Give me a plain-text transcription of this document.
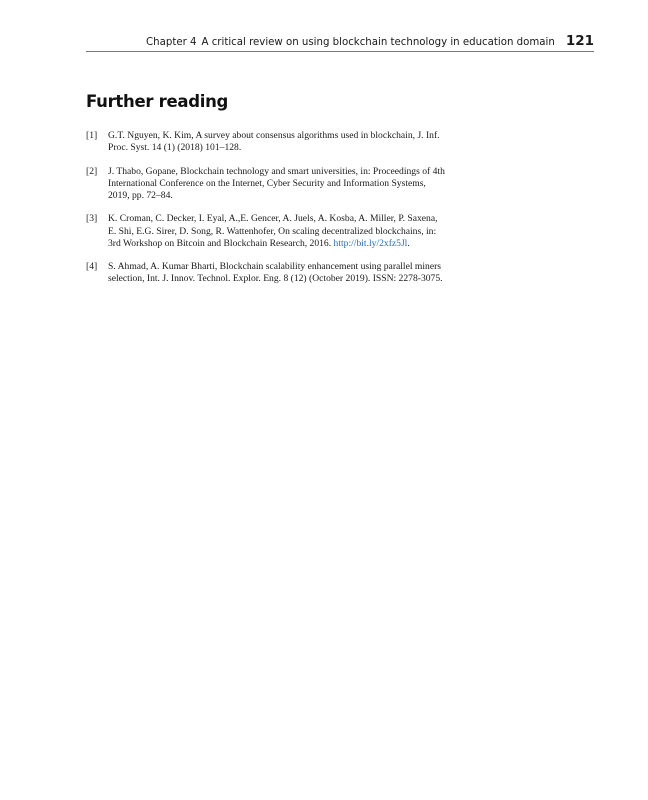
Chapter 4 A critical review on using blockchain technology in education domain 121
Further reading
[1]	G.T. Nguyen, K. Kim, A survey about consensus algorithms used in blockchain, J. Inf. Proc. Syst. 14 (1) (2018) 101–128.
[2]	J. Thabo, Gopane, Blockchain technology and smart universities, in: Proceedings of 4th International Conference on the Internet, Cyber Security and Information Systems, 2019, pp. 72–84.
[3]	K. Croman, C. Decker, I. Eyal, A.,E. Gencer, A. Juels, A. Kosba, A. Miller, P. Saxena, E. Shi, E.G. Sirer, D. Song, R. Wattenhofer, On scaling decentralized blockchains, in: 3rd Workshop on Bitcoin and Blockchain Research, 2016. http://bit.ly/2xfz5Jl.
[4]	S. Ahmad, A. Kumar Bharti, Blockchain scalability enhancement using parallel miners selection, Int. J. Innov. Technol. Explor. Eng. 8 (12) (October 2019). ISSN: 2278-3075.
